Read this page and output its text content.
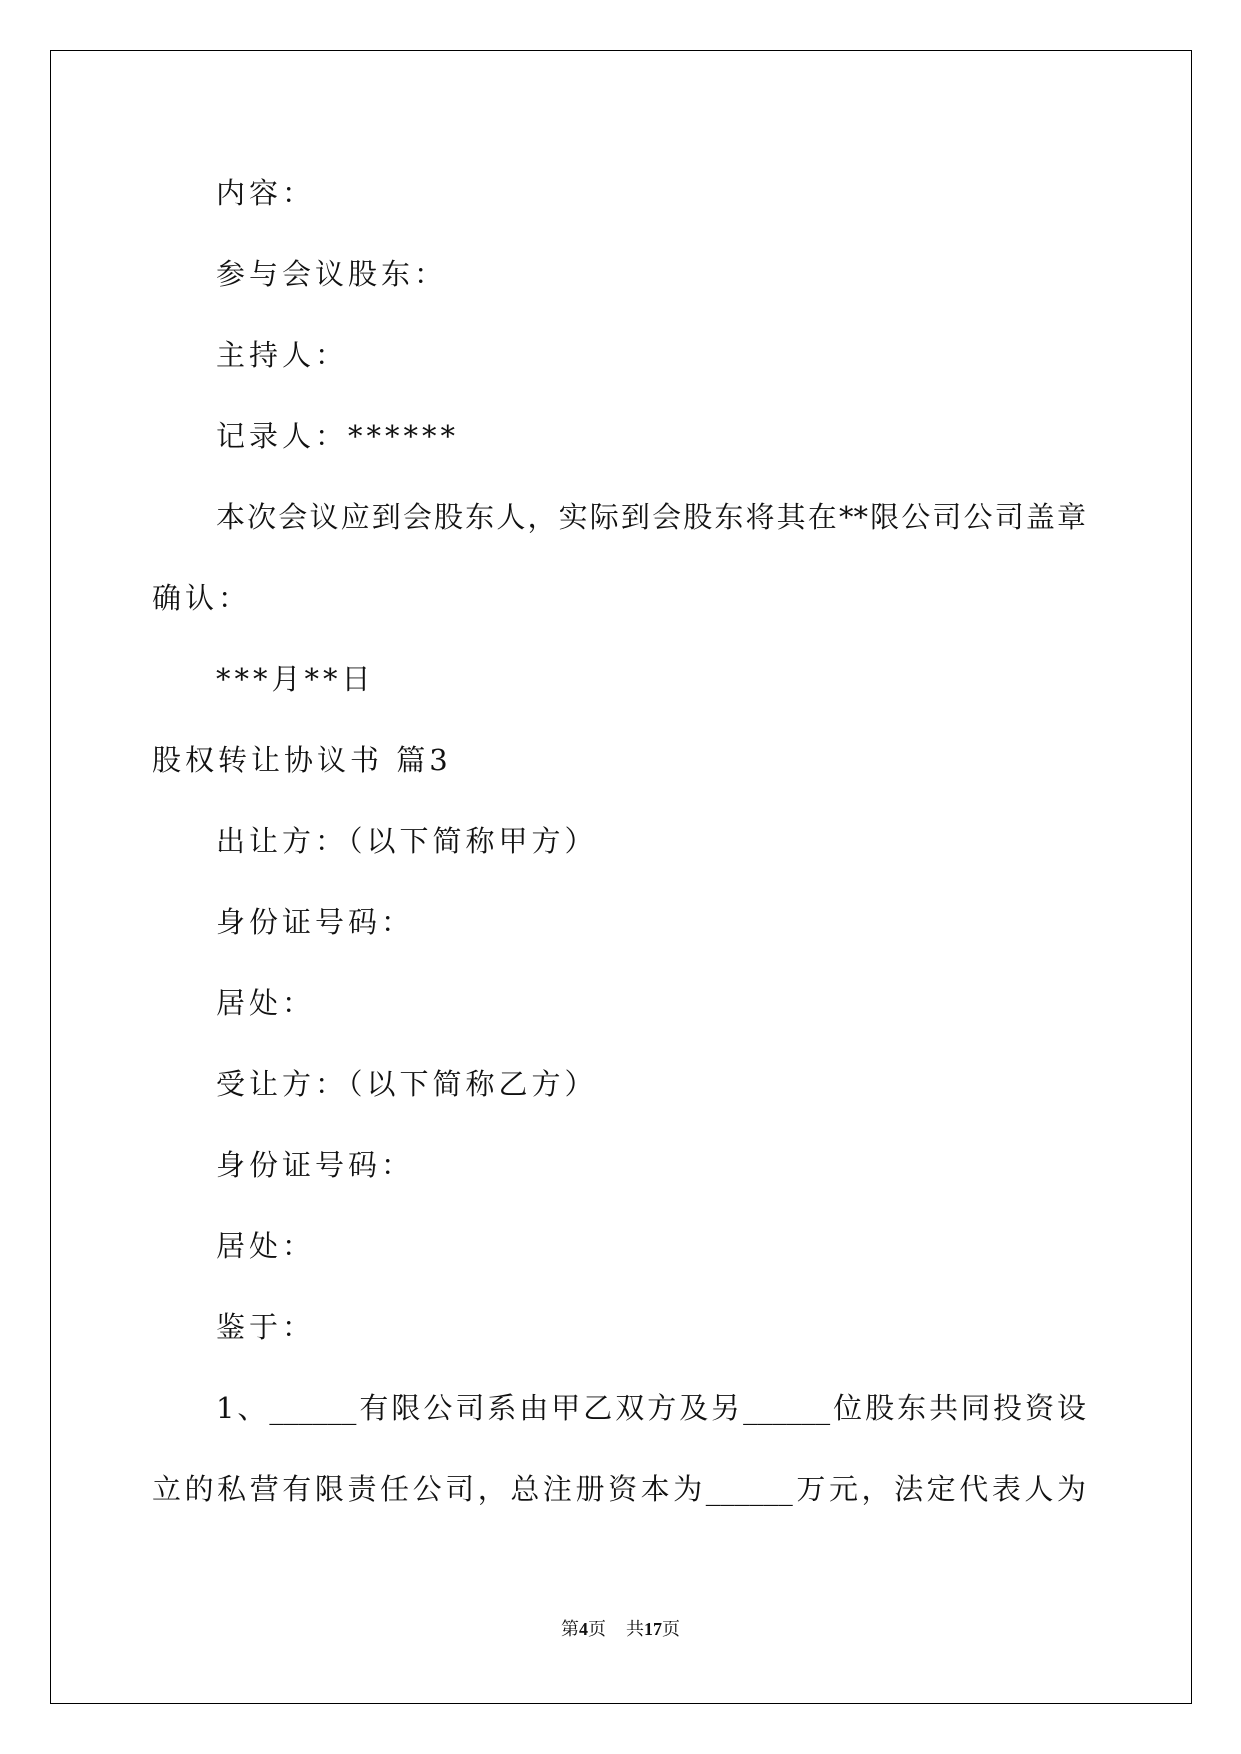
内容：
参与会议股东：
主持人：
记录人：******
本次会议应到会股东人，实际到会股东将其在**限公司公司盖章
确认：
***月**日
股权转让协议书 篇3
出让方：（以下简称甲方）
身份证号码：
居处：
受让方：（以下简称乙方）
身份证号码：
居处：
鉴于：
1、______有限公司系由甲乙双方及另______位股东共同投资设
立的私营有限责任公司，总注册资本为______万元，法定代表人为
第4页 共17页
